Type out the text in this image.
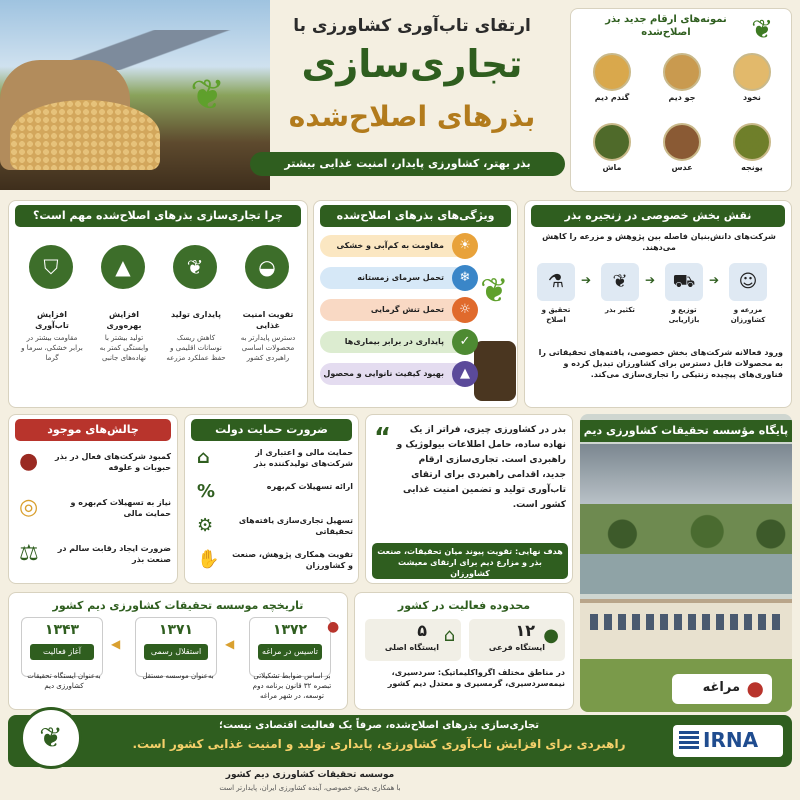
❦
ارتقای تاب‌آوری کشاورزی با
تجاری‌سازی
بذرهای اصلاح‌شده
بذر بهتر، کشاورزی پایدار، امنیت غذایی بیشتر
نمونه‌های ارقام جدید بذر اصلاح‌شده	❦
نخود
جو دیم
گندم دیم
یونجه
عدس
ماش
چرا تجاری‌سازی بذرهای اصلاح‌شده مهم است؟
◒
تقویت امنیت غذایی
دسترس پایدارتر به محصولات اساسی راهبردی کشور
❦
پایداری تولید
کاهش ریسک نوسانات اقلیمی و حفظ عملکرد مزرعه
▲
افزایش بهره‌وری
تولید بیشتر با وابستگی کمتر به نهاده‌های جانبی
⛉
افزایش تاب‌آوری
مقاومت بیشتر در برابر خشکی، سرما و گرما
ویژگی‌های بذرهای اصلاح‌شده
❦
☀
مقاومت به کم‌آبی و خشکی
❄
تحمل سرمای زمستانه
☼
تحمل تنش گرمایی
✓
پایداری در برابر بیماری‌ها
▲
بهبود کیفیت نانوایی و محصول
نقش بخش خصوصی در زنجیره بذر
شرکت‌های دانش‌بنیان فاصله بین پژوهش و مزرعه را کاهش می‌دهند.
ورود فعالانه شرکت‌های بخش خصوصی، یافته‌های تحقیقاتی را به محصولات قابل دسترس برای کشاورزان تبدیل کرده و فناوری‌های پیچیده زنتیکی را تجاری‌سازی می‌کند.
⚗
تحقیق و اصلاح
➔	❦
تکثیر بذر
➔ ⛟
توزیع و بازاریابی
➔	☺
مزرعه و کشاورزان
چالش‌های موجود
●	کمبود شرکت‌های فعال در بذر حبوبات و علوفه
◎	نیاز به تسهیلات کم‌بهره و حمایت مالی
⚖	ضرورت ایجاد رقابت سالم در صنعت بذر
ضرورت حمایت دولت
⌂	حمایت مالی و اعتباری از شرکت‌های تولیدکننده بذر
%	ارائه تسهیلات کم‌بهره
⚙	تسهیل تجاری‌سازی یافته‌های تحقیقاتی
✋	تقویت همکاری پژوهش، صنعت و کشاورزان
“	بذر در کشاورزی چیزی، فراتر از یک نهاده ساده، حامل اطلاعات بیولوژیک و راهبردی است. تجاری‌سازی ارقام جدید، اقدامی راهبردی برای ارتقای تاب‌آوری تولید و تضمین امنیت غذایی کشور است.
هدف نهایی: تقویت پیوند میان تحقیقات، صنعت بذر و مزارع دیم برای ارتقای معیشت کشاورزان
پایگاه مؤسسه تحقیقات کشاورزی دیم
●
مراغه
تاریخچه موسسه تحقیقات کشاورزی دیم کشور
۱۳۷۲
تاسیس در مراغه
بر اساس ضوابط تشکیلاتی تبصره ۳۲ قانون برنامه دوم توسعه، در شهر مراغه
◀
۱۳۷۱
استقلال رسمی
به‌عنوان موسسه مستقل
◀
۱۳۴۳
آغاز فعالیت
به‌عنوان ایستگاه تحقیقات کشاورزی دیم
●
محدوده فعالیت در کشور
●
۱۲
ایستگاه فرعی
⌂
۵
ایستگاه اصلی
در مناطق مختلف اگرواکلیماتیک: سردسیری، نیمه‌سردسیری، گرمسیری و معتدل دیم کشور
❦	IRNA
تجاری‌سازی بذرهای اصلاح‌شده، صرفاً یک فعالیت اقتصادی نیست؛
راهبردی برای افزایش تاب‌آوری کشاورزی، پایداری تولید و امنیت غذایی کشور است.
موسسه تحقیقات کشاورزی دیم کشور
با همکاری بخش خصوصی، آینده کشاورزی ایران، پایدارتر است
